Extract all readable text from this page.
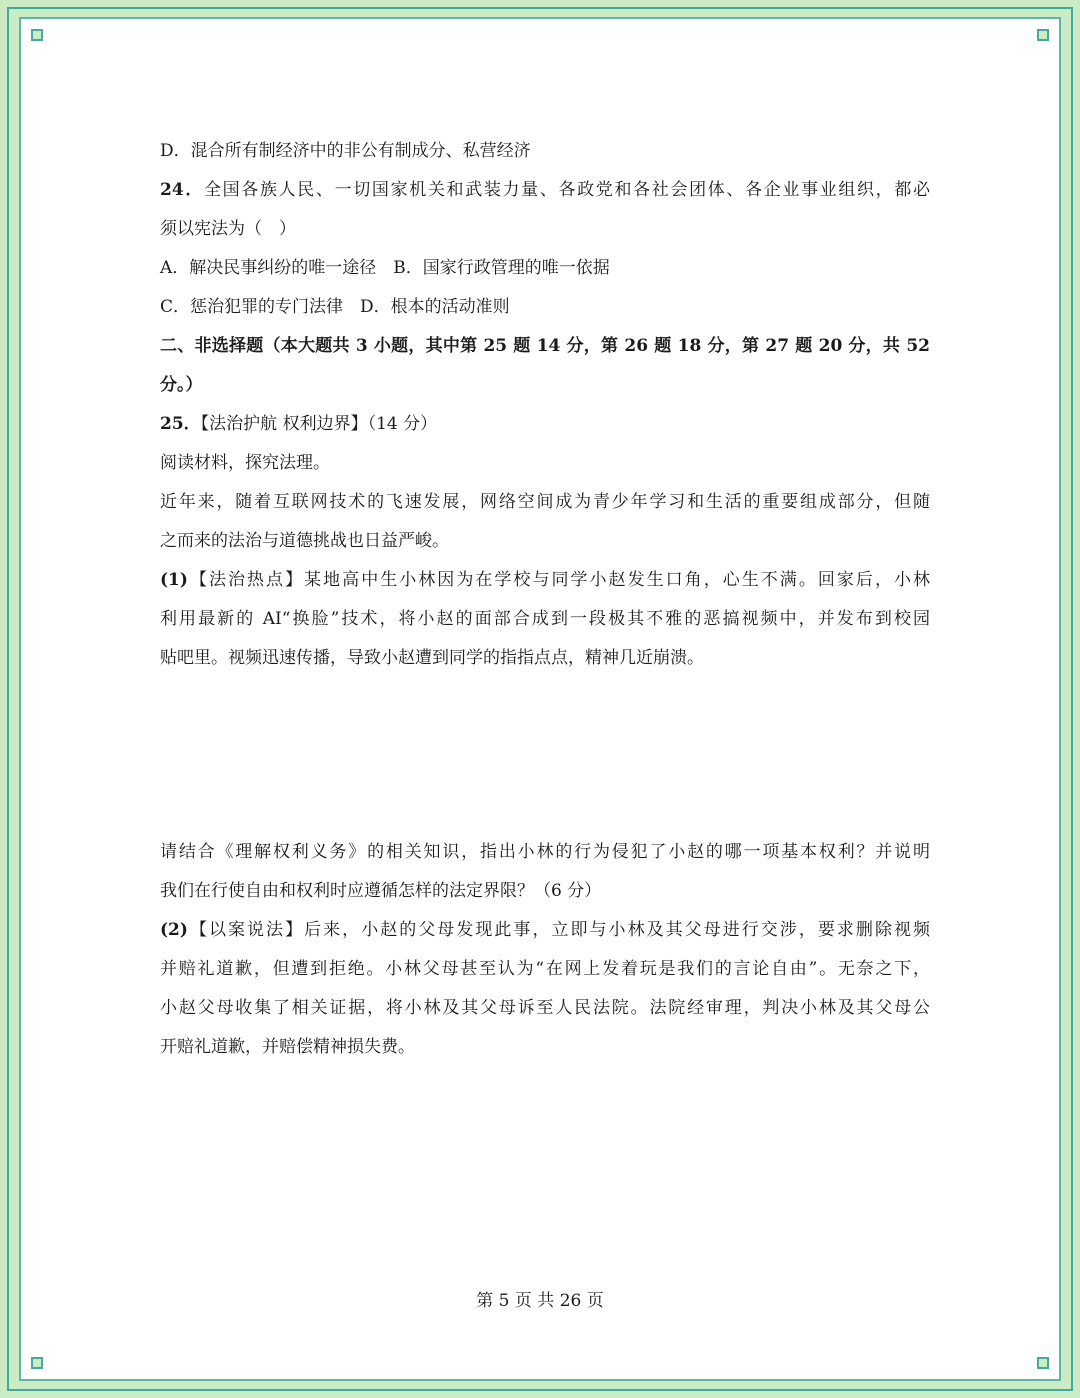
D．混合所有制经济中的非公有制成分、私营经济
24．全国各族人民、一切国家机关和武装力量、各政党和各社会团体、各企业事业组织，都必
须以宪法为（　）
A．解决民事纠纷的唯一途径　B．国家行政管理的唯一依据
C．惩治犯罪的专门法律　D．根本的活动准则
二、非选择题（本大题共 3 小题，其中第 25 题 14 分，第 26 题 18 分，第 27 题 20 分，共 52
分。）
25．【法治护航 权利边界】（14 分）
阅读材料，探究法理。
近年来，随着互联网技术的飞速发展，网络空间成为青少年学习和生活的重要组成部分，但随
之而来的法治与道德挑战也日益严峻。
(1)【法治热点】某地高中生小林因为在学校与同学小赵发生口角，心生不满。回家后，小林
利用最新的 AI“换脸”技术，将小赵的面部合成到一段极其不雅的恶搞视频中，并发布到校园
贴吧里。视频迅速传播，导致小赵遭到同学的指指点点，精神几近崩溃。
请结合《理解权利义务》的相关知识，指出小林的行为侵犯了小赵的哪一项基本权利？并说明
我们在行使自由和权利时应遵循怎样的法定界限？（6 分）
(2)【以案说法】后来，小赵的父母发现此事，立即与小林及其父母进行交涉，要求删除视频
并赔礼道歉，但遭到拒绝。小林父母甚至认为“在网上发着玩是我们的言论自由”。无奈之下，
小赵父母收集了相关证据，将小林及其父母诉至人民法院。法院经审理，判决小林及其父母公
开赔礼道歉，并赔偿精神损失费。
第 5 页 共 26 页
